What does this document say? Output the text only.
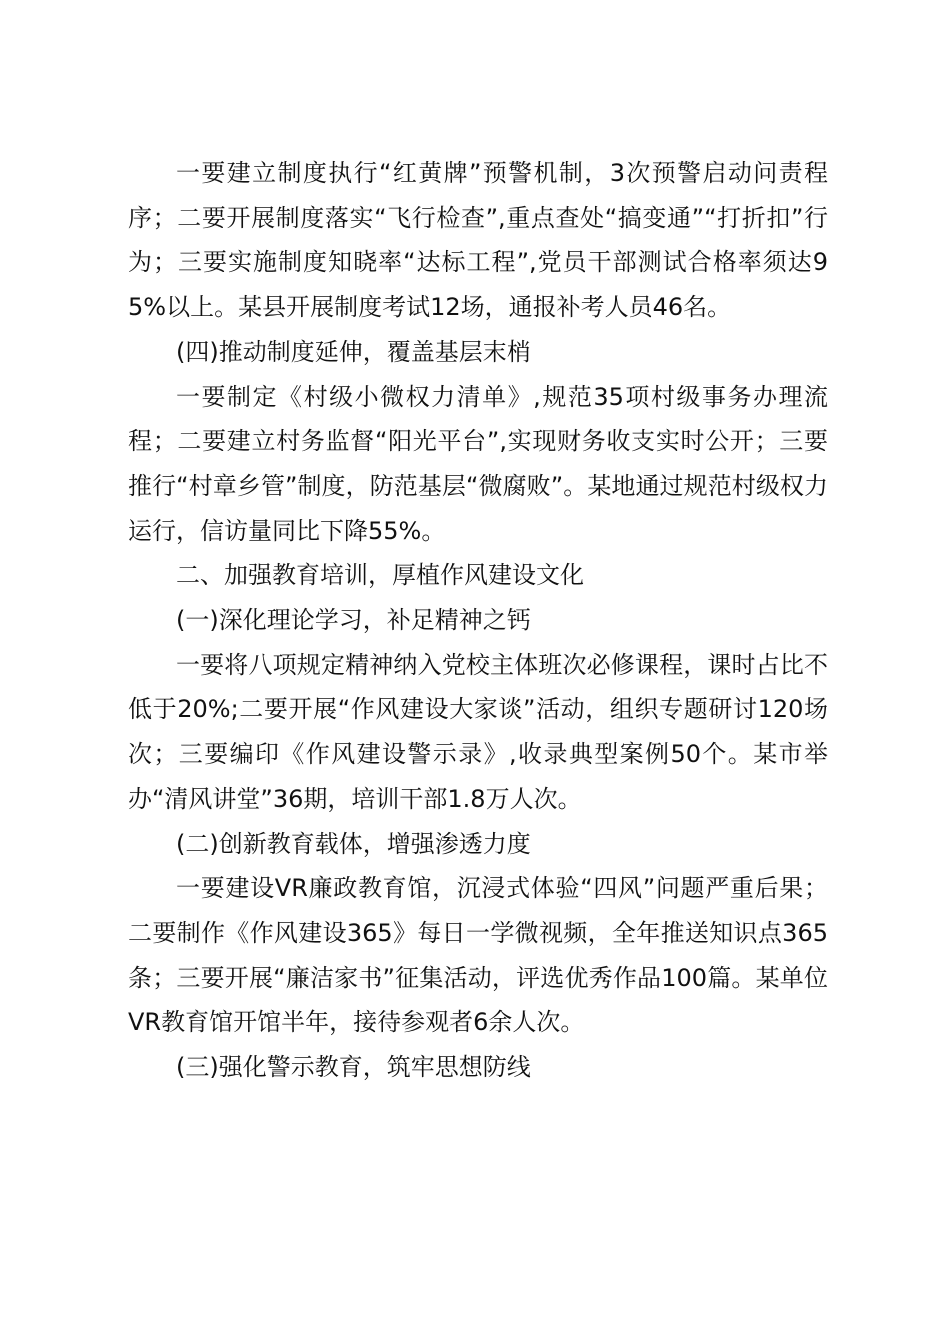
一要建立制度执行“红黄牌”预警机制，3次预警启动问责程序；二要开展制度落实“飞行检查”,重点查处“搞变通”“打折扣”行为；三要实施制度知晓率“达标工程”,党员干部测试合格率须达95%以上。某县开展制度考试12场，通报补考人员46名。

(四)推动制度延伸，覆盖基层末梢

一要制定《村级小微权力清单》,规范35项村级事务办理流程；二要建立村务监督“阳光平台”,实现财务收支实时公开；三要推行“村章乡管”制度，防范基层“微腐败”。某地通过规范村级权力运行，信访量同比下降55%。

二、加强教育培训，厚植作风建设文化

(一)深化理论学习，补足精神之钙

一要将八项规定精神纳入党校主体班次必修课程，课时占比不低于20%;二要开展“作风建设大家谈”活动，组织专题研讨120场次；三要编印《作风建设警示录》,收录典型案例50个。某市举办“清风讲堂”36期，培训干部1.8万人次。

(二)创新教育载体，增强渗透力度

一要建设VR廉政教育馆，沉浸式体验“四风”问题严重后果；二要制作《作风建设365》每日一学微视频，全年推送知识点365条；三要开展“廉洁家书”征集活动，评选优秀作品100篇。某单位VR教育馆开馆半年，接待参观者6余人次。

(三)强化警示教育，筑牢思想防线
